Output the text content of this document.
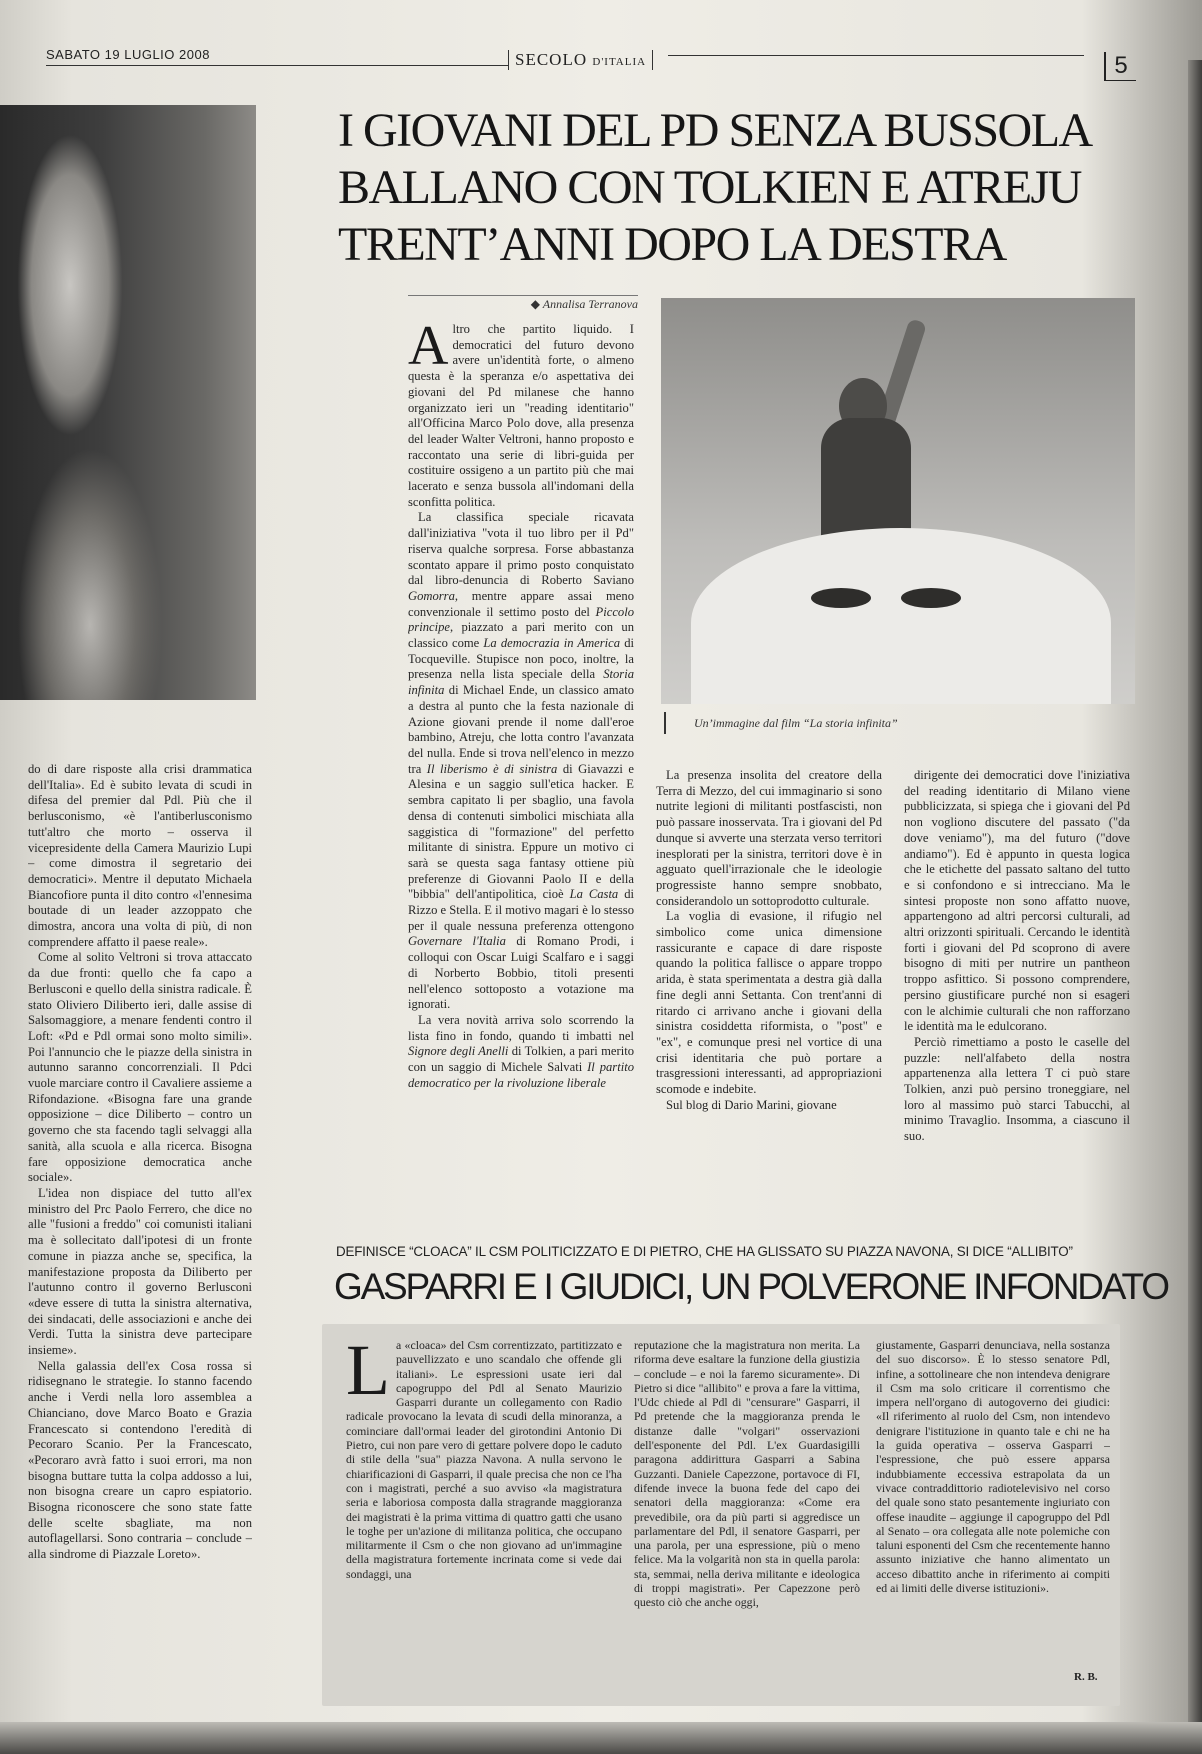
SABATO 19 LUGLIO 2008	SECOLO D'ITALIA	5
I GIOVANI DEL PD SENZA BUSSOLA
BALLANO CON TOLKIEN E ATREJU
TRENT’ANNI DOPO LA DESTRA
◆ Annalisa Terranova
Un’immagine dal film “La storia infinita”
A ltro che partito liquido. I democratici del futuro devono avere un'identità forte, o almeno questa è la speranza e/o aspettativa dei giovani del Pd milanese che hanno organizzato ieri un "reading identitario" all'Officina Marco Polo dove, alla presenza del leader Walter Veltroni, hanno proposto e raccontato una serie di libri-guida per costituire ossigeno a un partito più che mai lacerato e senza bussola all'indomani della sconfitta politica.

La classifica speciale ricavata dall'iniziativa "vota il tuo libro per il Pd" riserva qualche sorpresa. Forse abbastanza scontato appare il primo posto conquistato dal libro-denuncia di Roberto Saviano Gomorra, mentre appare assai meno convenzionale il settimo posto del Piccolo principe, piazzato a pari merito con un classico come La democrazia in America di Tocqueville. Stupisce non poco, inoltre, la presenza nella lista speciale della Storia infinita di Michael Ende, un classico amato a destra al punto che la festa nazionale di Azione giovani prende il nome dall'eroe bambino, Atreju, che lotta contro l'avanzata del nulla. Ende si trova nell'elenco in mezzo tra Il liberismo è di sinistra di Giavazzi e Alesina e un saggio sull'etica hacker. E sembra capitato li per sbaglio, una favola densa di contenuti simbolici mischiata alla saggistica di "formazione" del perfetto militante di sinistra. Eppure un motivo ci sarà se questa saga fantasy ottiene più preferenze di Giovanni Paolo II e della "bibbia" dell'antipolitica, cioè La Casta di Rizzo e Stella. E il motivo magari è lo stesso per il quale nessuna preferenza ottengono Governare l'Italia di Romano Prodi, i colloqui con Oscar Luigi Scalfaro e i saggi di Norberto Bobbio, titoli presenti nell'elenco sottoposto a votazione ma ignorati.

La vera novità arriva solo scorrendo la lista fino in fondo, quando ti imbatti nel Signore degli Anelli di Tolkien, a pari merito con un saggio di Michele Salvati Il partito democratico per la rivoluzione liberale

La presenza insolita del creatore della Terra di Mezzo, del cui immaginario si sono nutrite legioni di militanti postfascisti, non può passare inosservata. Tra i giovani del Pd dunque si avverte una sterzata verso territori inesplorati per la sinistra, territori dove è in agguato quell'irrazionale che le ideologie progressiste hanno sempre snobbato, considerandolo un sottoprodotto culturale.

La voglia di evasione, il rifugio nel simbolico come unica dimensione rassicurante e capace di dare risposte quando la politica fallisce o appare troppo arida, è stata sperimentata a destra già dalla fine degli anni Settanta. Con trent'anni di ritardo ci arrivano anche i giovani della sinistra cosiddetta riformista, o "post" e "ex", e comunque presi nel vortice di una crisi identitaria che può portare a trasgressioni interessanti, ad appropriazioni scomode e indebite.

Sul blog di Dario Marini, giovane

dirigente dei democratici dove l'iniziativa del reading identitario di Milano viene pubblicizzata, si spiega che i giovani del Pd non vogliono discutere del passato ("da dove veniamo"), ma del futuro ("dove andiamo"). Ed è appunto in questa logica che le etichette del passato saltano del tutto e si confondono e si intrecciano. Ma le sintesi proposte non sono affatto nuove, appartengono ad altri percorsi culturali, ad altri orizzonti spirituali. Cercando le identità forti i giovani del Pd scoprono di avere bisogno di miti per nutrire un pantheon troppo asfittico. Si possono comprendere, persino giustificare purché non si esageri con le alchimie culturali che non rafforzano le identità ma le edulcorano.

Perciò rimettiamo a posto le caselle del puzzle: nell'alfabeto della nostra appartenenza alla lettera T ci può stare Tolkien, anzi può persino troneggiare, nel loro al massimo può starci Tabucchi, al minimo Travaglio. Insomma, a ciascuno il suo.

do di dare risposte alla crisi drammatica dell'Italia». Ed è subito levata di scudi in difesa del premier dal Pdl. Più che il berlusconismo, «è l'antiberlusconismo tutt'altro che morto – osserva il vicepresidente della Camera Maurizio Lupi – come dimostra il segretario dei democratici». Mentre il deputato Michaela Biancofiore punta il dito contro «l'ennesima boutade di un leader azzoppato che dimostra, ancora una volta di più, di non comprendere affatto il paese reale».

Come al solito Veltroni si trova attaccato da due fronti: quello che fa capo a Berlusconi e quello della sinistra radicale. È stato Oliviero Diliberto ieri, dalle assise di Salsomaggiore, a menare fendenti contro il Loft: «Pd e Pdl ormai sono molto simili». Poi l'annuncio che le piazze della sinistra in autunno saranno concorrenziali. Il Pdci vuole marciare contro il Cavaliere assieme a Rifondazione. «Bisogna fare una grande opposizione – dice Diliberto – contro un governo che sta facendo tagli selvaggi alla sanità, alla scuola e alla ricerca. Bisogna fare opposizione democratica anche sociale».

L'idea non dispiace del tutto all'ex ministro del Prc Paolo Ferrero, che dice no alle "fusioni a freddo" coi comunisti italiani ma è sollecitato dall'ipotesi di un fronte comune in piazza anche se, specifica, la manifestazione proposta da Diliberto per l'autunno contro il governo Berlusconi «deve essere di tutta la sinistra alternativa, dei sindacati, delle associazioni e anche dei Verdi. Tutta la sinistra deve partecipare insieme».

Nella galassia dell'ex Cosa rossa si ridisegnano le strategie. Io stanno facendo anche i Verdi nella loro assemblea a Chianciano, dove Marco Boato e Grazia Francescato si contendono l'eredità di Pecoraro Scanio. Per la Francescato, «Pecoraro avrà fatto i suoi errori, ma non bisogna buttare tutta la colpa addosso a lui, non bisogna creare un capro espiatorio. Bisogna riconoscere che sono state fatte delle scelte sbagliate, ma non autoflagellarsi. Sono contraria – conclude – alla sindrome di Piazzale Loreto».

DEFINISCE “CLOACA” IL CSM POLITICIZZATO E DI PIETRO, CHE HA GLISSATO SU PIAZZA NAVONA, SI DICE “ALLIBITO”
GASPARRI E I GIUDICI, UN POLVERONE INFONDATO
L a «cloaca» del Csm correntizzato, partitizzato e pauvellizzato e uno scandalo che offende gli italiani». Le espressioni usate ieri dal capogruppo del Pdl al Senato Maurizio Gasparri durante un collegamento con Radio radicale provocano la levata di scudi della minoranza, a cominciare dall'ormai leader del girotondini Antonio Di Pietro, cui non pare vero di gettare polvere dopo le caduto di stile della "sua" piazza Navona. A nulla servono le chiarificazioni di Gasparri, il quale precisa che non ce l'ha con i magistrati, perché a suo avviso «la magistratura seria e laboriosa composta dalla stragrande maggioranza dei magistrati è la prima vittima di quattro gatti che usano le toghe per un'azione di militanza politica, che occupano militarmente il Csm o che non giovano ad un'immagine della magistratura fortemente incrinata come si vede dai sondaggi, una

reputazione che la magistratura non merita. La riforma deve esaltare la funzione della giustizia – conclude – e noi la faremo sicuramente». Di Pietro si dice "allibito" e prova a fare la vittima, l'Udc chiede al Pdl di "censurare" Gasparri, il Pd pretende che la maggioranza prenda le distanze dalle "volgari" osservazioni dell'esponente del Pdl. L'ex Guardasigilli paragona addirittura Gasparri a Sabina Guzzanti. Daniele Capezzone, portavoce di FI, difende invece la buona fede del capo dei senatori della maggioranza: «Come era prevedibile, ora da più parti si aggredisce un parlamentare del Pdl, il senatore Gasparri, per una parola, per una espressione, più o meno felice. Ma la volgarità non sta in quella parola: sta, semmai, nella deriva militante e ideologica di troppi magistrati». Per Capezzone però questo ciò che anche oggi,

giustamente, Gasparri denunciava, nella sostanza del suo discorso». È lo stesso senatore Pdl, infine, a sottolineare che non intendeva denigrare il Csm ma solo criticare il correntismo che impera nell'organo di autogoverno dei giudici: «Il riferimento al ruolo del Csm, non intendevo denigrare l'istituzione in quanto tale e chi ne ha la guida operativa – osserva Gasparri – l'espressione, che può essere apparsa indubbiamente eccessiva estrapolata da un vivace contraddittorio radiotelevisivo nel corso del quale sono stato pesantemente ingiuriato con offese inaudite – aggiunge il capogruppo del Pdl al Senato – ora collegata alle note polemiche con taluni esponenti del Csm che recentemente hanno assunto iniziative che hanno alimentato un acceso dibattito anche in riferimento ai compiti ed ai limiti delle diverse istituzioni».

R. B.
